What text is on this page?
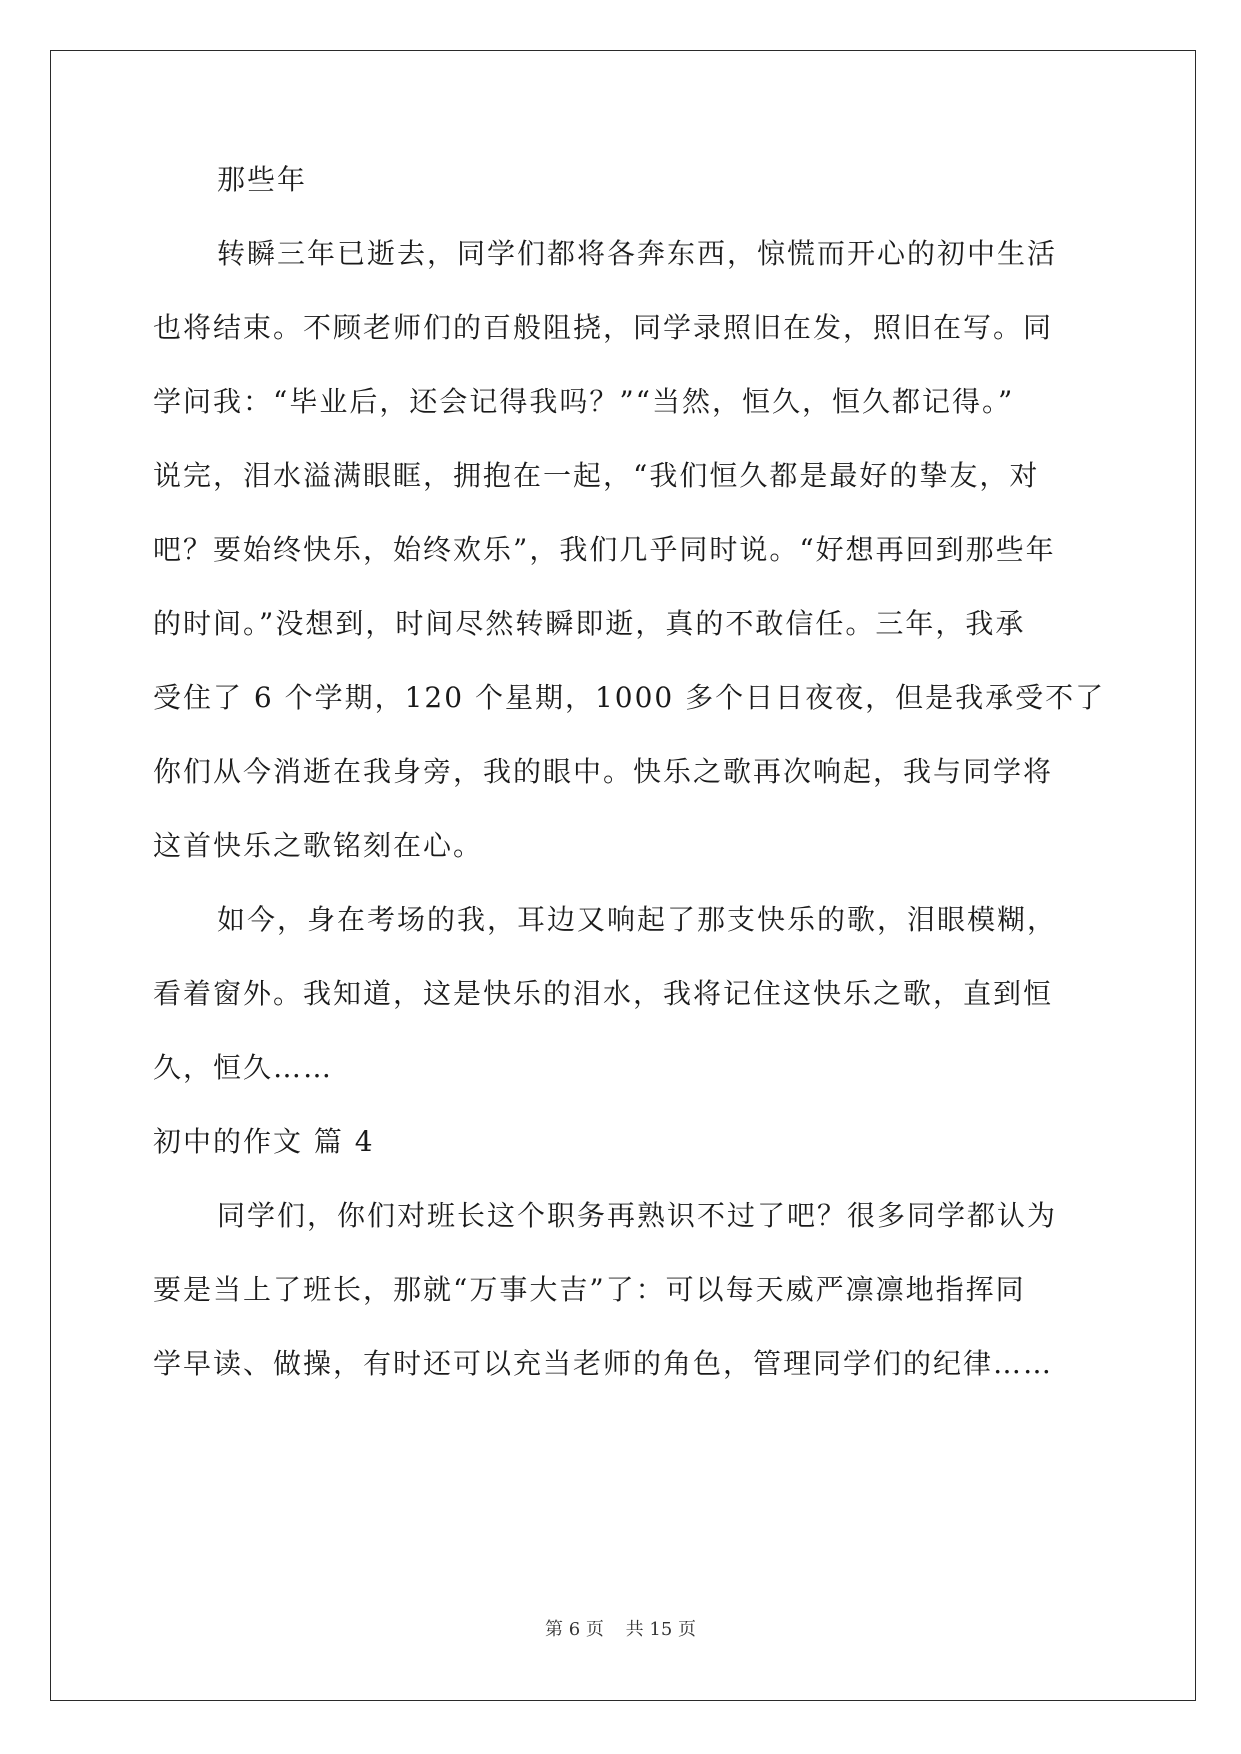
那些年
转瞬三年已逝去，同学们都将各奔东西，惊慌而开心的初中生活
也将结束。不顾老师们的百般阻挠，同学录照旧在发，照旧在写。同
学问我：“毕业后，还会记得我吗？”“当然，恒久，恒久都记得。”
说完，泪水溢满眼眶，拥抱在一起，“我们恒久都是最好的挚友，对
吧？要始终快乐，始终欢乐”，我们几乎同时说。“好想再回到那些年
的时间。”没想到，时间尽然转瞬即逝，真的不敢信任。三年，我承
受住了 6 个学期，120 个星期，1000 多个日日夜夜，但是我承受不了
你们从今消逝在我身旁，我的眼中。快乐之歌再次响起，我与同学将
这首快乐之歌铭刻在心。
如今，身在考场的我，耳边又响起了那支快乐的歌，泪眼模糊，
看着窗外。我知道，这是快乐的泪水，我将记住这快乐之歌，直到恒
久，恒久……
初中的作文 篇 4
同学们，你们对班长这个职务再熟识不过了吧？很多同学都认为
要是当上了班长，那就“万事大吉”了：可以每天威严凛凛地指挥同
学早读、做操，有时还可以充当老师的角色，管理同学们的纪律……
第 6 页 共 15 页
